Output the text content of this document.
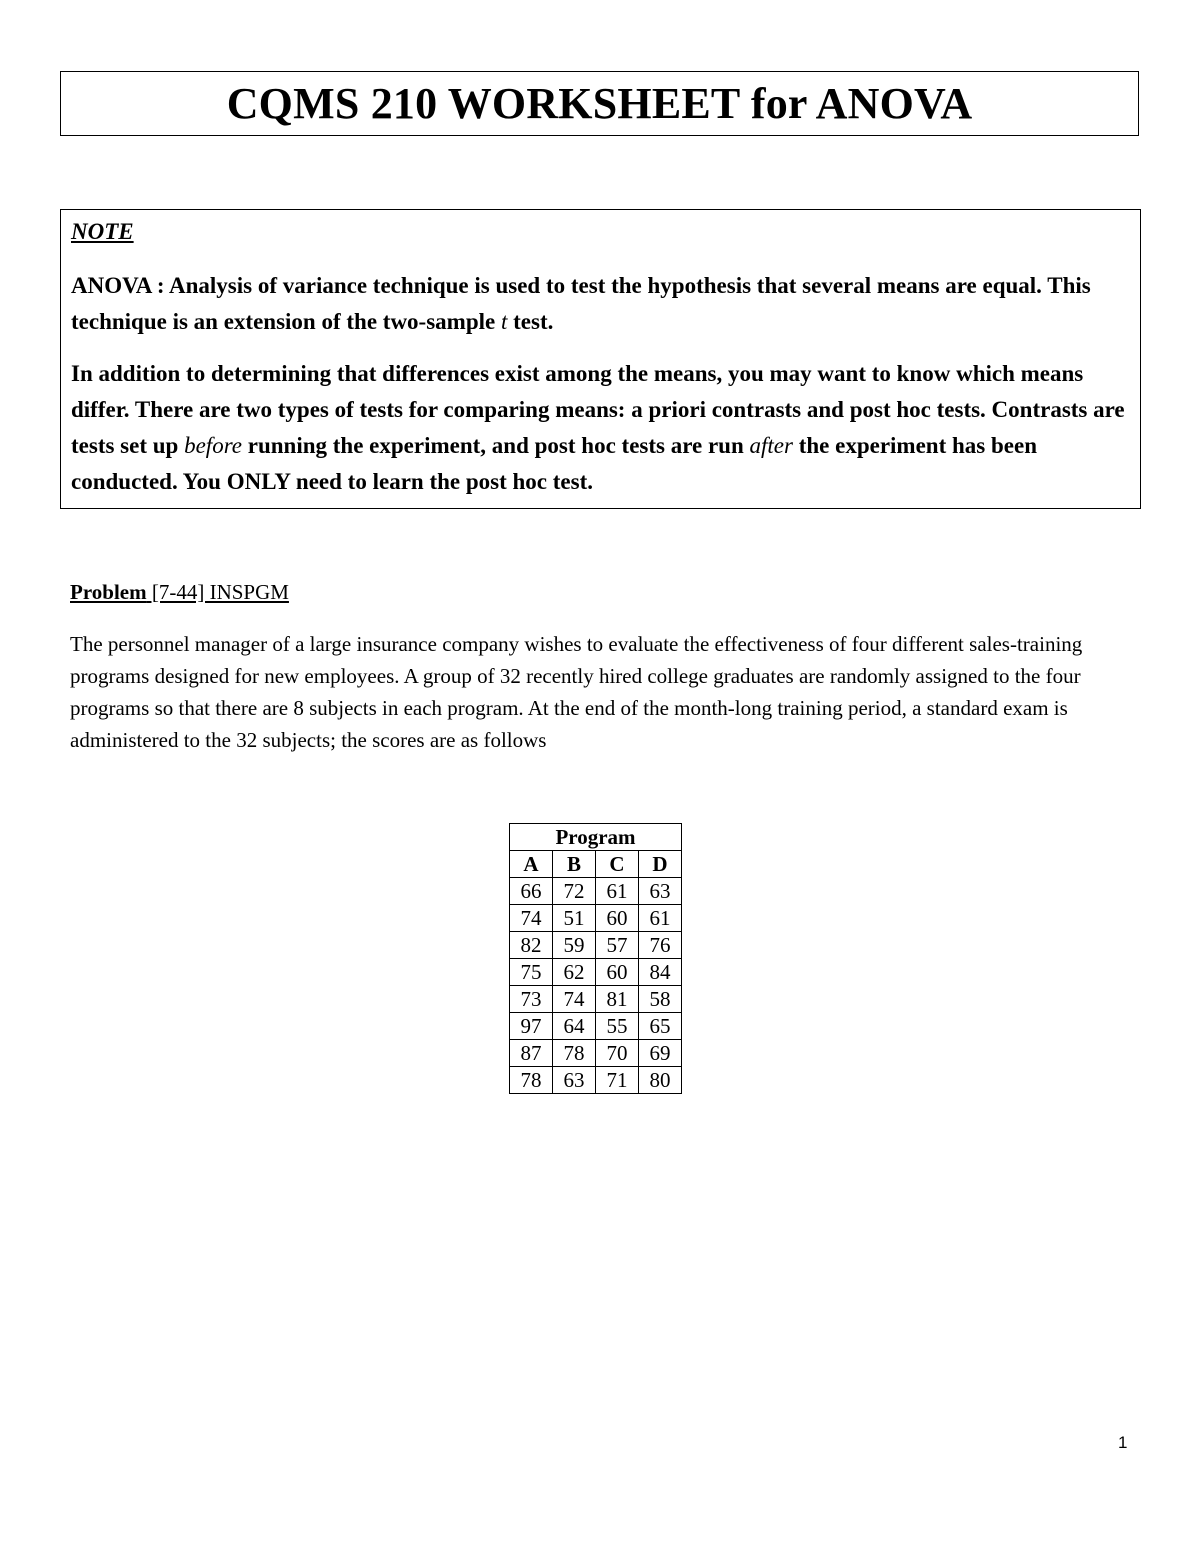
CQMS 210 WORKSHEET for ANOVA

NOTE

ANOVA : Analysis of variance technique is used to test the hypothesis that several means are equal. This technique is an extension of the two-sample t test.

In addition to determining that differences exist among the means, you may want to know which means differ. There are two types of tests for comparing means: a priori contrasts and post hoc tests. Contrasts are tests set up before running the experiment, and post hoc tests are run after the experiment has been conducted. You ONLY need to learn the post hoc test.

Problem [7-44] INSPGM

The personnel manager of a large insurance company wishes to evaluate the effectiveness of four different sales-training programs designed for new employees. A group of 32 recently hired college graduates are randomly assigned to the four programs so that there are 8 subjects in each program. At the end of the month-long training period, a standard exam is administered to the 32 subjects; the scores are as follows

Program			
A	B	C	D
66	72	61	63
74	51	60	61
82	59	57	76
75	62	60	84
73	74	81	58
97	64	55	65
87	78	70	69
78	63	71	80
1
